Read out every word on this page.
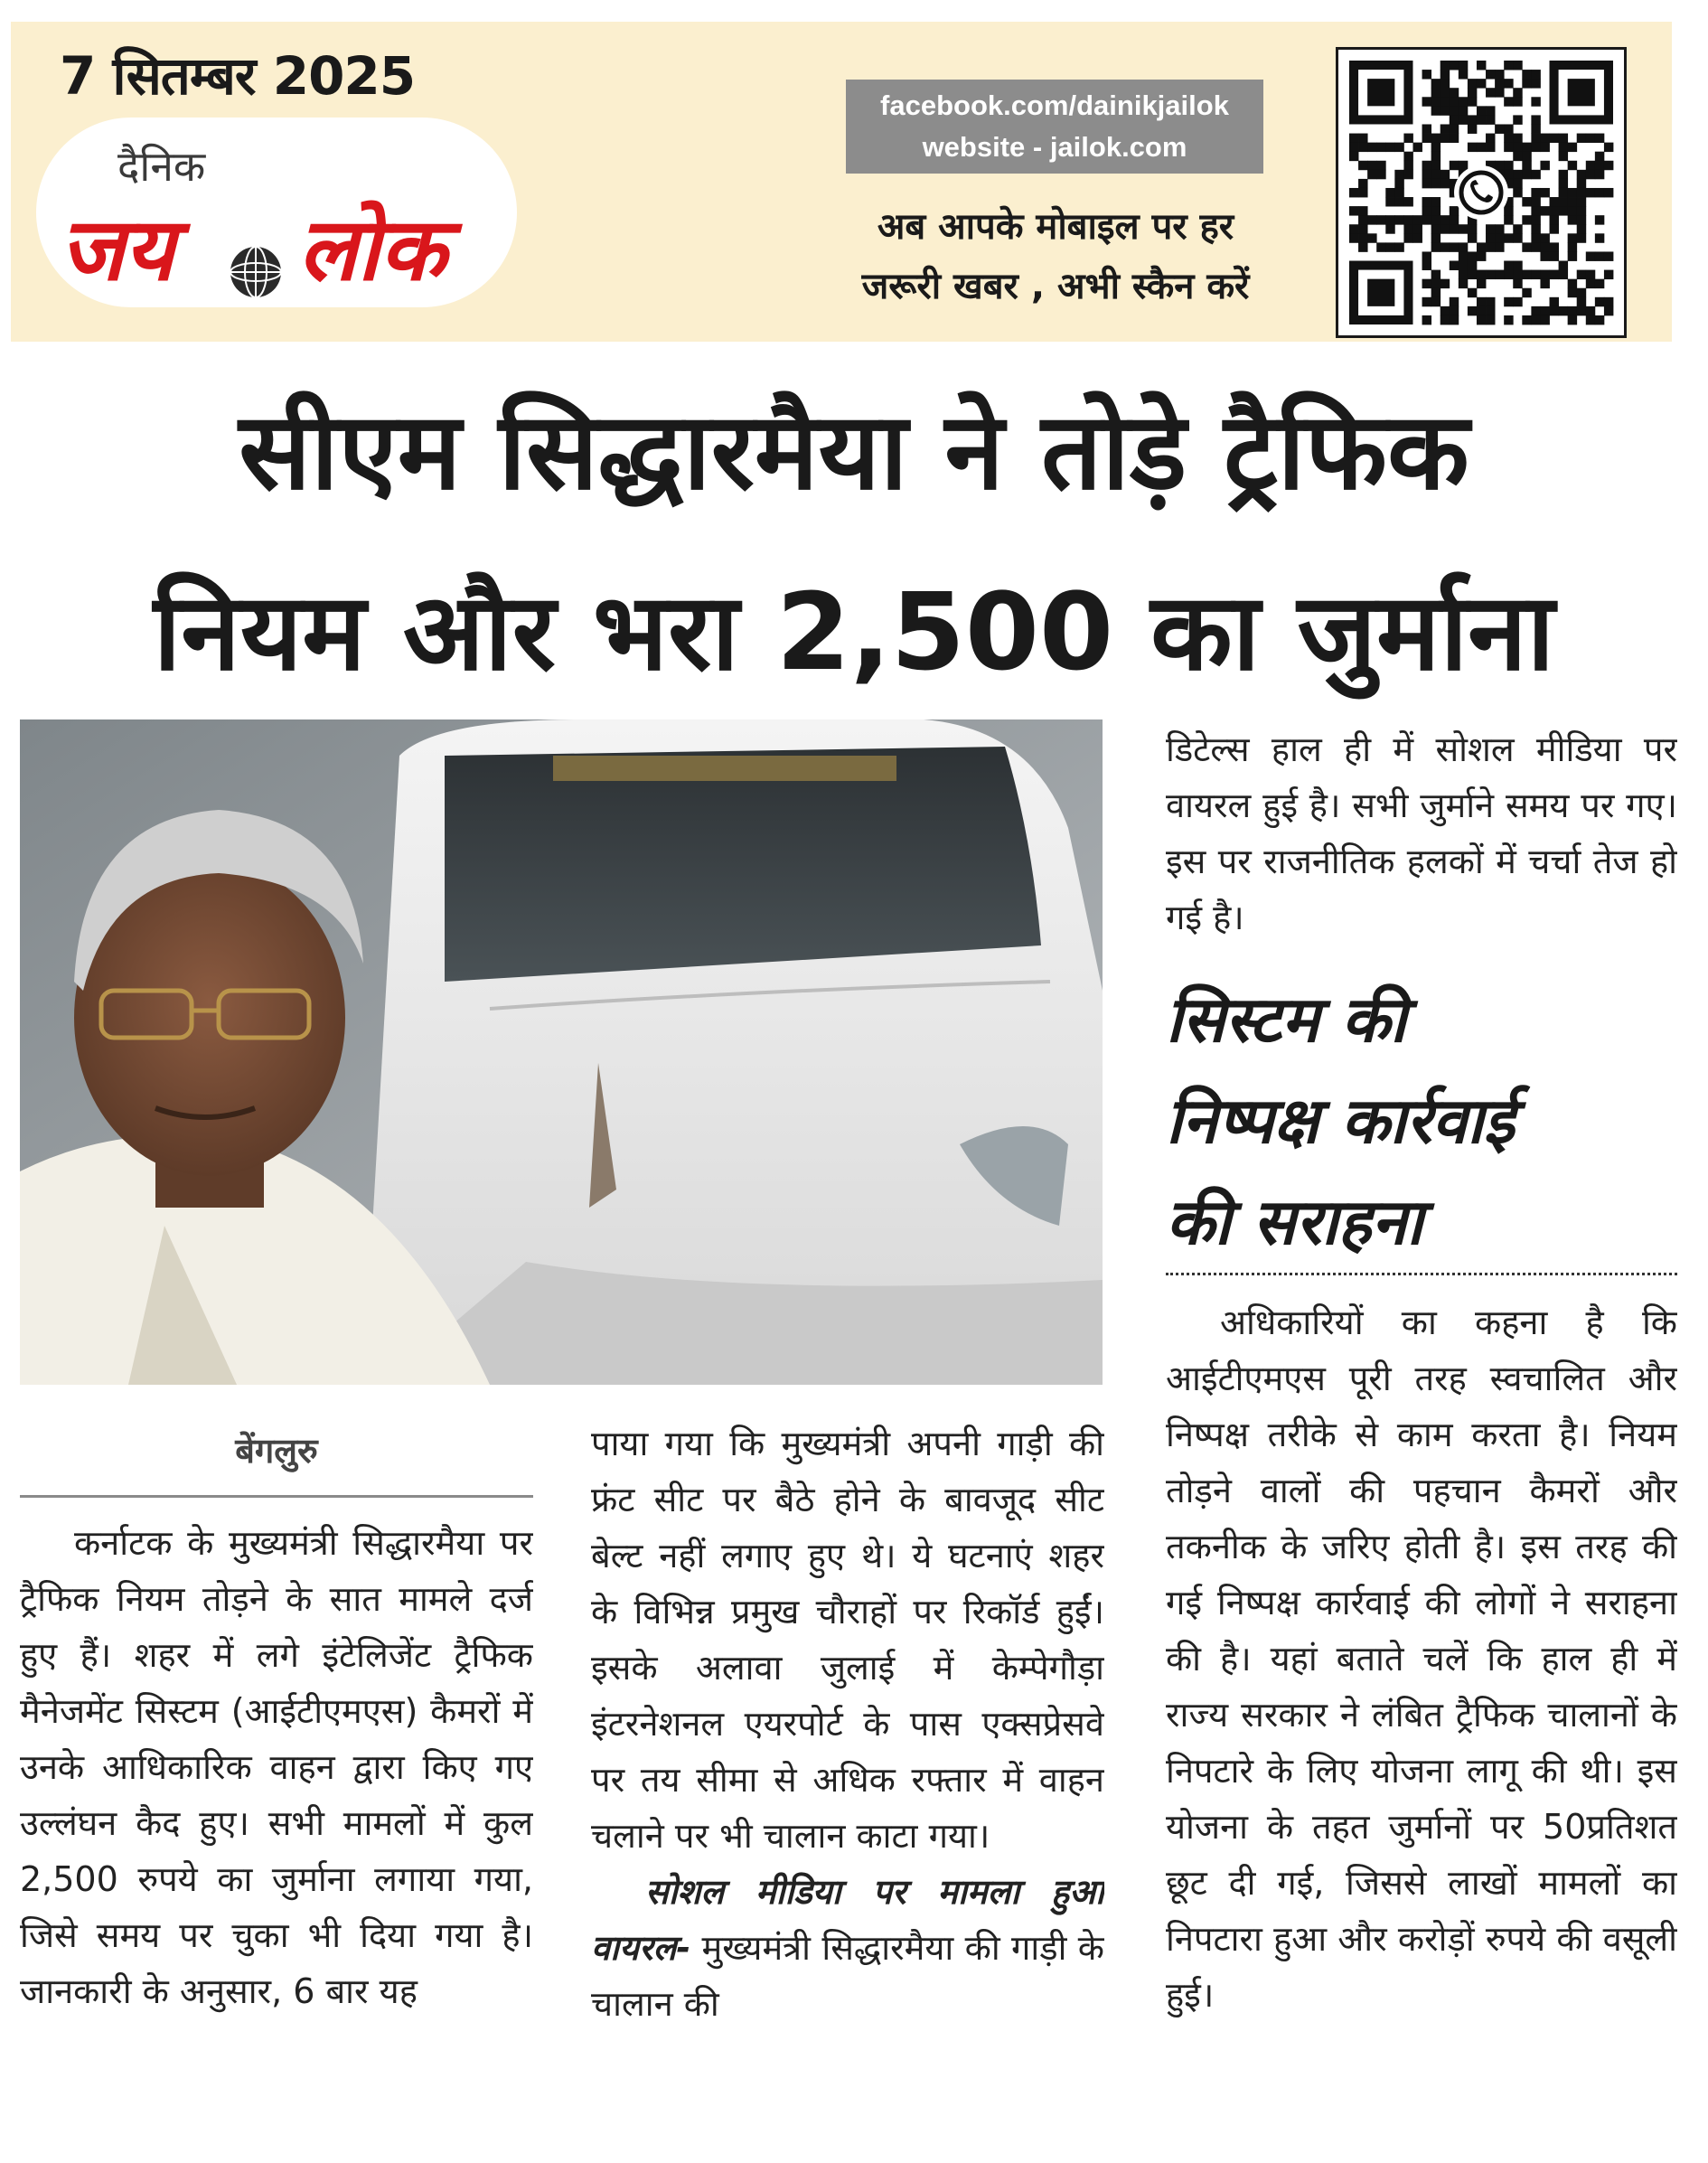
7 सितम्बर 2025
दैनिक
जय लोक
facebook.com/dainikjailok
website - jailok.com
अब आपके मोबाइल पर हर
जरूरी खबर , अभी स्कैन करें
सीएम सिद्धारमैया ने तोड़े ट्रैफिक
नियम और भरा 2,500 का जुर्माना
बेंगलुरु

कर्नाटक के मुख्यमंत्री सिद्धारमैया पर ट्रैफिक नियम तोड़ने के सात मामले दर्ज हुए हैं। शहर में लगे इंटेलिजेंट ट्रैफिक मैनेजमेंट सिस्टम (आईटीएमएस) कैमरों में उनके आधिकारिक वाहन द्वारा किए गए उल्लंघन कैद हुए। सभी मामलों में कुल 2,500 रुपये का जुर्माना लगाया गया, जिसे समय पर चुका भी दिया गया है। जानकारी के अनुसार, 6 बार यह

पाया गया कि मुख्यमंत्री अपनी गाड़ी की फ्रंट सीट पर बैठे होने के बावजूद सीट बेल्ट नहीं लगाए हुए थे। ये घटनाएं शहर के विभिन्न प्रमुख चौराहों पर रिकॉर्ड हुईं। इसके अलावा जुलाई में केम्पेगौड़ा इंटरनेशनल एयरपोर्ट के पास एक्सप्रेसवे पर तय सीमा से अधिक रफ्तार में वाहन चलाने पर भी चालान काटा गया।

सोशल मीडिया पर मामला हुआ वायरल- मुख्यमंत्री सिद्धारमैया की गाड़ी के चालान की

डिटेल्स हाल ही में सोशल मीडिया पर वायरल हुई है। सभी जुर्माने समय पर गए। इस पर राजनीतिक हलकों में चर्चा तेज हो गई है।

सिस्टम की
निष्पक्ष कार्रवाई
की सराहना

अधिकारियों का कहना है कि आईटीएमएस पूरी तरह स्वचालित और निष्पक्ष तरीके से काम करता है। नियम तोड़ने वालों की पहचान कैमरों और तकनीक के जरिए होती है। इस तरह की गई निष्पक्ष कार्रवाई की लोगों ने सराहना की है। यहां बताते चलें कि हाल ही में राज्य सरकार ने लंबित ट्रैफिक चालानों के निपटारे के लिए योजना लागू की थी। इस योजना के तहत जुर्मानों पर 50प्रतिशत छूट दी गई, जिससे लाखों मामलों का निपटारा हुआ और करोड़ों रुपये की वसूली हुई।
